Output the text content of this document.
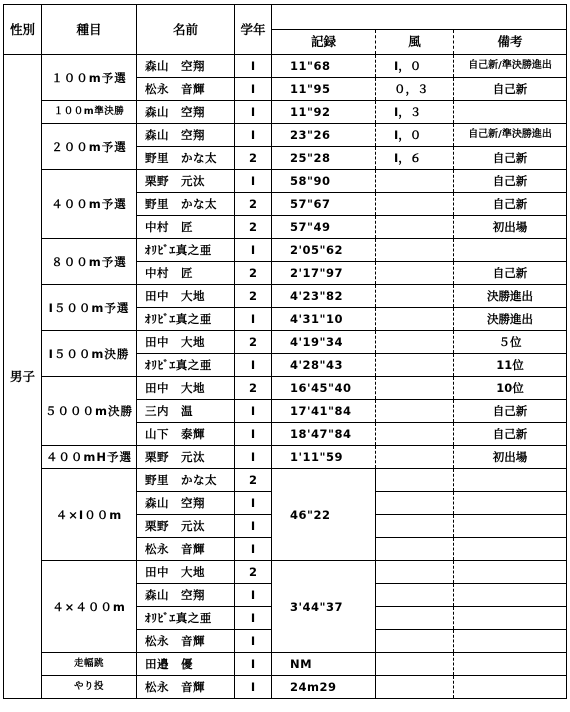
性別	種目	名前	学年			
				記録	風	備考
男子	１００m予選	森山　空翔	I	11"68	I，０	自己新/準決勝進出
		松永　音輝	I	11"95	０，３	自己新
	１００m準決勝	森山　空翔	I	11"92	I，３	
	２００m予選	森山　空翔	I	23"26	I，０	自己新/準決勝進出
		野里　かな太	2	25"28	I，６	自己新
	４００m予選	栗野　元汰	I	58"90		自己新
		野里　かな太	2	57"67		自己新
		中村　匠	2	57"49		初出場
	８００m予選	ｵﾘﾋﾞｴ真之亜	I	2'05"62		
		中村　匠	2	2'17"97		自己新
	I５００m予選	田中　大地	2	4'23"82		決勝進出
		ｵﾘﾋﾞｴ真之亜	I	4'31"10		決勝進出
	I５００m決勝	田中　大地	2	4'19"34		５位
		ｵﾘﾋﾞｴ真之亜	I	4'28"43		11位
	５０００m決勝	田中　大地	2	16'45"40		10位
		三内　温	I	17'41"84		自己新
		山下　泰輝	I	18'47"84		自己新
	４００mH予選	栗野　元汰	I	1'11"59		初出場
	４×I００m	野里　かな太	2	46"22		
		森山　空翔	I			
		栗野　元汰	I			
		松永　音輝	I			
	４×４００m	田中　大地	2	3'44"37		
		森山　空翔	I			
		ｵﾘﾋﾞｴ真之亜	I			
		松永　音輝	I			
	走幅跳	田邉　優	I	NM		
	やり投	松永　音輝	I	24m29		
